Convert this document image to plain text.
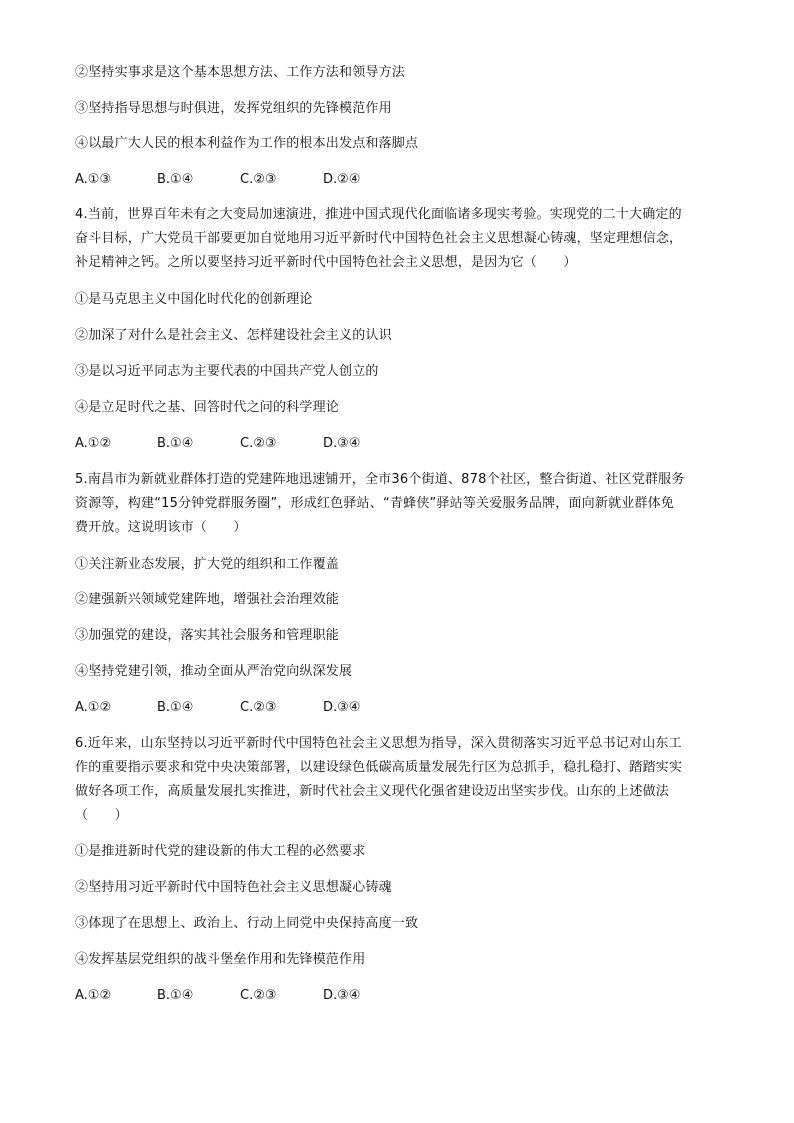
②坚持实事求是这个基本思想方法、工作方法和领导方法
③坚持指导思想与时俱进，发挥党组织的先锋模范作用
④以最广大人民的根本利益作为工作的根本出发点和落脚点
A.①③	B.①④	C.②③	D.②④
4.当前，世界百年未有之大变局加速演进，推进中国式现代化面临诸多现实考验。实现党的二十大确定的
奋斗目标，广大党员干部要更加自觉地用习近平新时代中国特色社会主义思想凝心铸魂，坚定理想信念，
补足精神之钙。之所以要坚持习近平新时代中国特色社会主义思想，是因为它（　　）
①是马克思主义中国化时代化的创新理论
②加深了对什么是社会主义、怎样建设社会主义的认识
③是以习近平同志为主要代表的中国共产党人创立的
④是立足时代之基、回答时代之问的科学理论
A.①②	B.①④	C.②③	D.③④
5.南昌市为新就业群体打造的党建阵地迅速铺开，全市36个街道、878个社区，整合街道、社区党群服务
资源等，构建“15分钟党群服务圈”，形成红色驿站、“青蜂侠”驿站等关爱服务品牌，面向新就业群体免
费开放。这说明该市（　　）
①关注新业态发展，扩大党的组织和工作覆盖
②建强新兴领域党建阵地，增强社会治理效能
③加强党的建设，落实其社会服务和管理职能
④坚持党建引领，推动全面从严治党向纵深发展
A.①②	B.①④	C.②③	D.③④
6.近年来，山东坚持以习近平新时代中国特色社会主义思想为指导，深入贯彻落实习近平总书记对山东工
作的重要指示要求和党中央决策部署，以建设绿色低碳高质量发展先行区为总抓手，稳扎稳打、踏踏实实
做好各项工作，高质量发展扎实推进，新时代社会主义现代化强省建设迈出坚实步伐。山东的上述做法
（　　）
①是推进新时代党的建设新的伟大工程的必然要求
②坚持用习近平新时代中国特色社会主义思想凝心铸魂
③体现了在思想上、政治上、行动上同党中央保持高度一致
④发挥基层党组织的战斗堡垒作用和先锋模范作用
A.①②	B.①④	C.②③	D.③④
